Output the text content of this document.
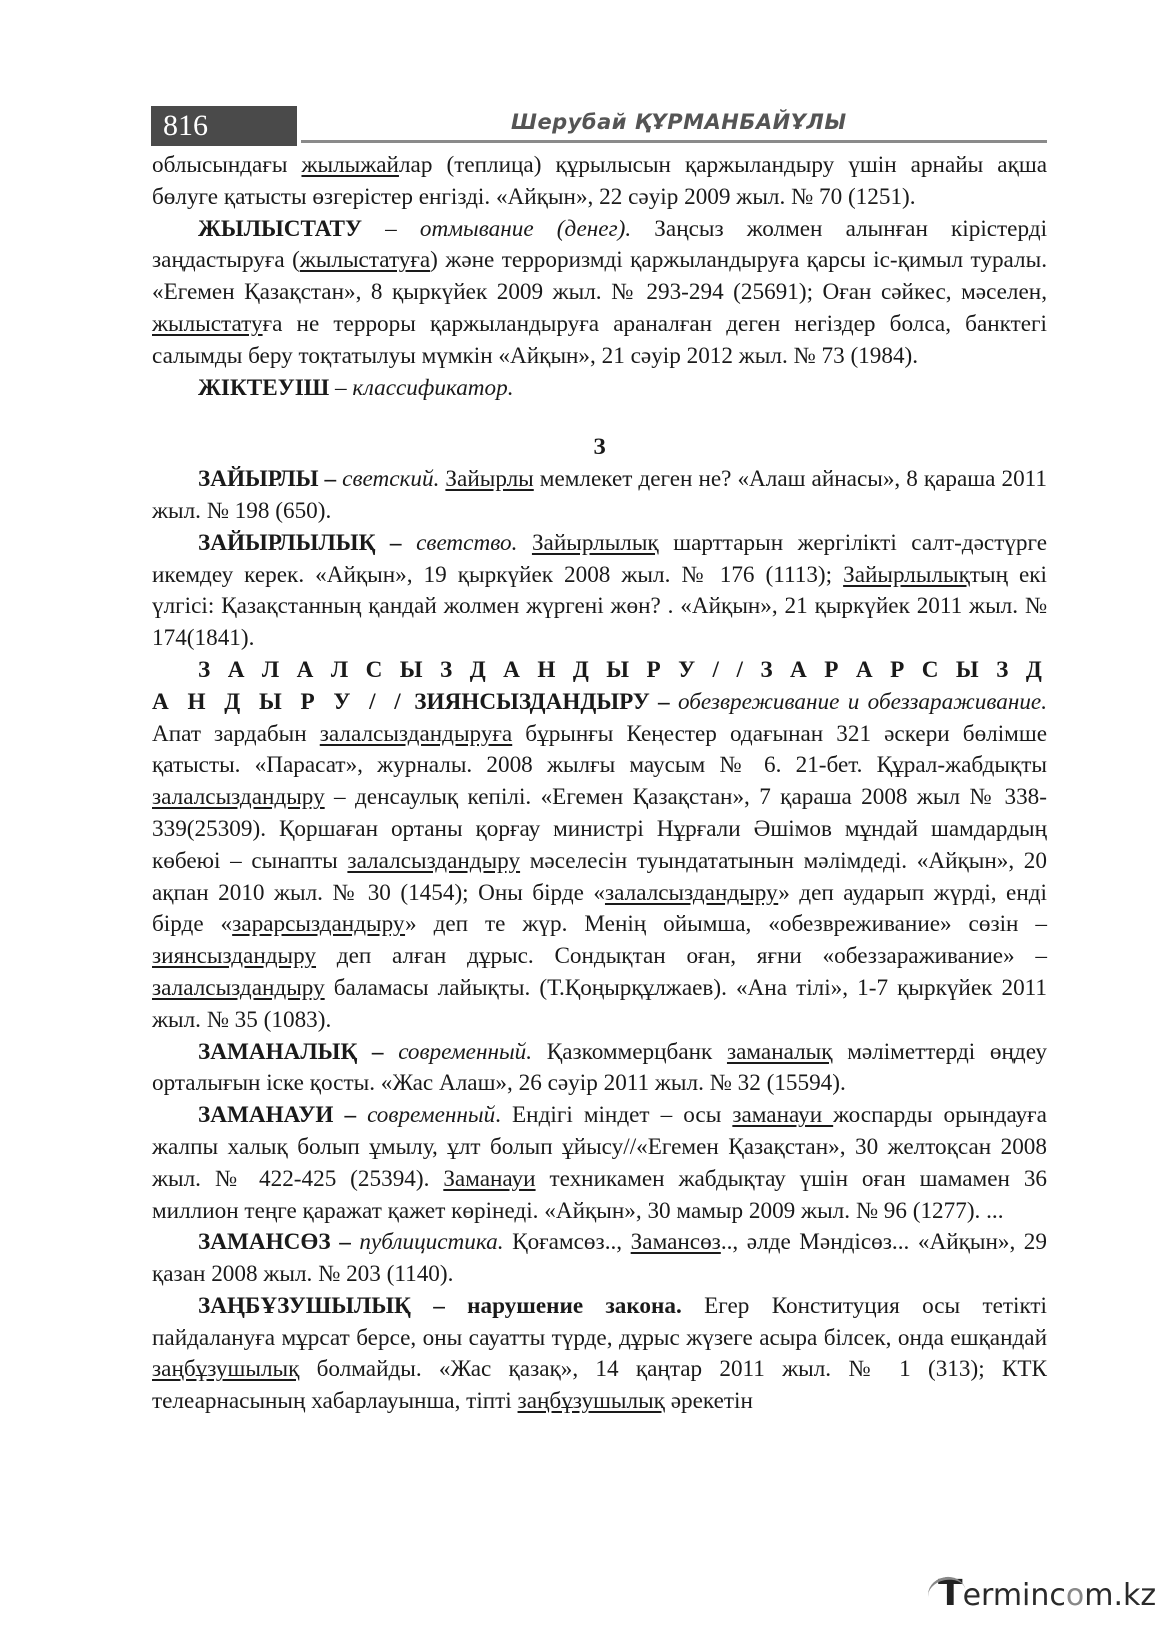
816	Шерубай ҚҰРМАНБАЙҰЛЫ

облысындағы жылыжайлар (теплица) құрылысын қаржыландыру үшін арнайы ақша бөлуге қатысты өзгерістер енгізді. «Айқын», 22 сәуір 2009 жыл. № 70 (1251).

ЖЫЛЫСТАТУ – отмывание (денег). Заңсыз жолмен алынған кірістерді заңдастыруға (жылыстатуға) және терроризмді қаржыландыруға қарсы іс-қимыл туралы. «Егемен Қазақстан», 8 қыркүйек 2009 жыл. № 293-294 (25691); Оған сәйкес, мәселен, жылыстатуға не терроры қаржыландыруға араналған деген негіздер болса, банктегі салымды беру тоқтатылуы мүмкін «Айқын», 21 сәуір 2012 жыл. № 73 (1984).

ЖІКТЕУІШ – классификатор.

З

ЗАЙЫРЛЫ – светский. Зайырлы мемлекет деген не? «Алаш айнасы», 8 қараша 2011 жыл. № 198 (650).

ЗАЙЫРЛЫЛЫҚ – светство. Зайырлылық шарттарын жергілікті салт-дәстүрге икемдеу керек. «Айқын», 19 қыркүйек 2008 жыл. № 176 (1113); Зайырлылықтың екі үлгісі: Қазақстанның қандай жолмен жүргені жөн? . «Айқын», 21 қыркүйек 2011 жыл. № 174(1841).

З А Л А Л С Ы З Д А Н Д Ы Р У / / З А Р А Р С Ы З Д А Н Д Ы Р У / / ЗИЯНСЫЗДАНДЫРУ – обезвреживание и обеззараживание. Апат зардабын залалсыздандыруға бұрынғы Кеңестер одағынан 321 әскери бөлімше қатысты. «Парасат», журналы. 2008 жылғы маусым № 6. 21-бет. Құрал-жабдықты залалсыздандыру – денсаулық кепілі. «Егемен Қазақстан», 7 қараша 2008 жыл № 338-339(25309). Қоршаған ортаны қорғау министрі Нұрғали Әшімов мұндай шамдардың көбеюі – сынапты залалсыздандыру мәселесін туындататынын мәлімдеді. «Айқын», 20 ақпан 2010 жыл. № 30 (1454); Оны бірде «залалсыздандыру» деп аударып жүрді, енді бірде «зарарсыздандыру» деп те жүр. Менің ойымша, «обезвреживание» сөзін – зиянсыздандыру деп алған дұрыс. Сондықтан оған, яғни «обеззараживание» – залалсыздандыру баламасы лайықты. (Т.Қоңырқұлжаев). «Ана тілі», 1-7 қыркүйек 2011 жыл. № 35 (1083).

ЗАМАНАЛЫҚ – современный. Қазкоммерцбанк заманалық мәліметтерді өңдеу орталығын іске қосты. «Жас Алаш», 26 сәуір 2011 жыл. № 32 (15594).

ЗАМАНАУИ – современный. Ендігі міндет – осы заманауи жоспарды орындауға жалпы халық болып ұмылу, ұлт болып ұйысу//«Егемен Қазақстан», 30 желтоқсан 2008 жыл. № 422-425 (25394). Заманауи техникамен жабдықтау үшін оған шамамен 36 миллион теңге қаражат қажет көрінеді. «Айқын», 30 мамыр 2009 жыл. № 96 (1277). ...

ЗАМАНСӨЗ – публицистика. Қоғамсөз.., Замансөз.., әлде Мәндісөз... «Айқын», 29 қазан 2008 жыл. № 203 (1140).

ЗАҢБҰЗУШЫЛЫҚ – нарушение закона. Егер Конституция осы тетікті пайдалануға мұрсат берсе, оны сауатты түрде, дұрыс жүзеге асыра білсек, онда ешқандай заңбұзушылық болмайды. «Жас қазақ», 14 қаңтар 2011 жыл. № 1 (313); КТК телеарнасының хабарлауынша, тіпті заңбұзушылық әрекетін

Termincom.kz
